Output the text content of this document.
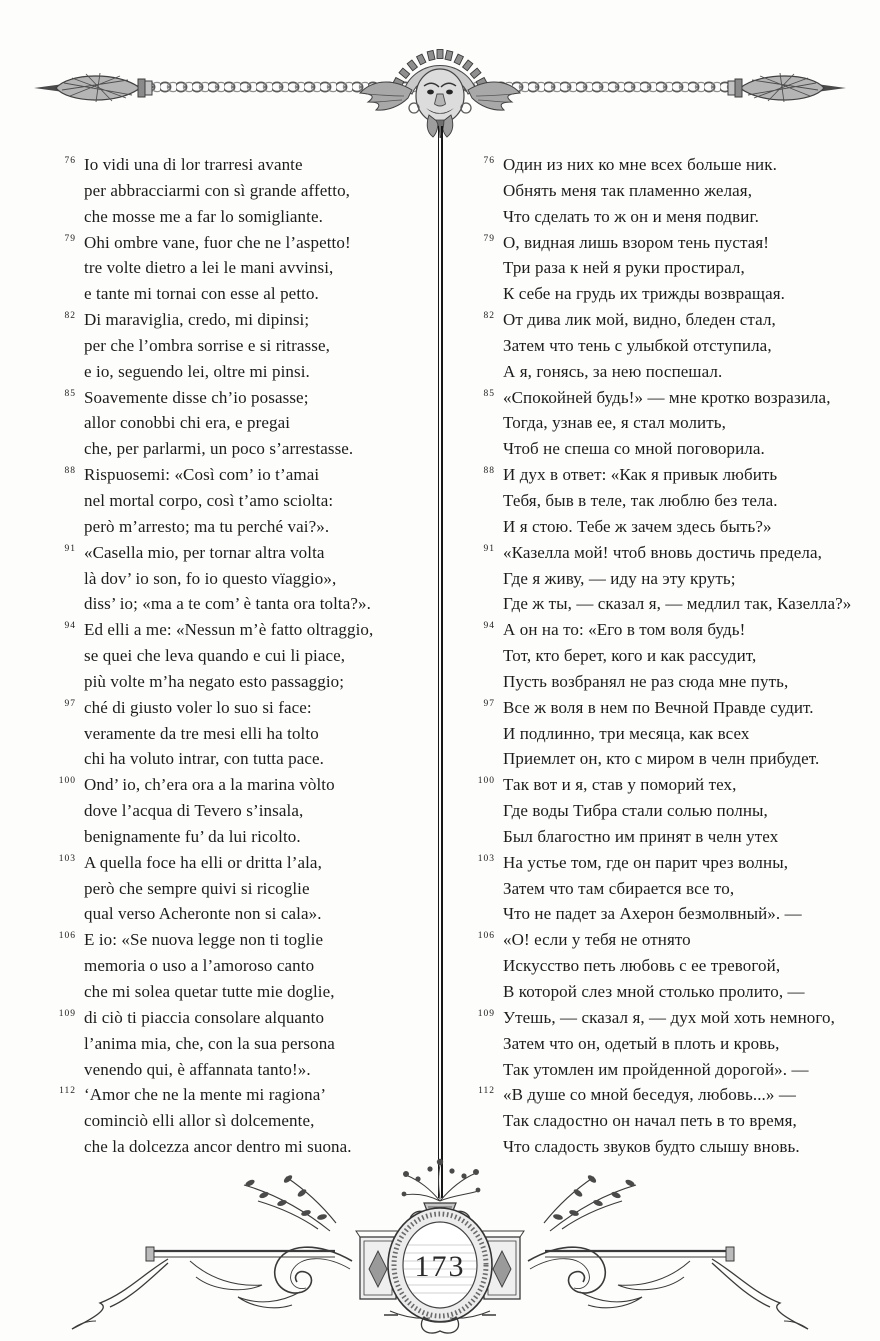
76 Io vidi una di lor trarresi avante
per abbracciarmi con sì grande affetto,
che mosse me a far lo somigliante.
79 Ohi ombre vane, fuor che ne l’aspetto!
tre volte dietro a lei le mani avvinsi,
e tante mi tornai con esse al petto.
82 Di maraviglia, credo, mi dipinsi;
per che l’ombra sorrise e si ritrasse,
e io, seguendo lei, oltre mi pinsi.
85 Soavemente disse ch’io posasse;
allor conobbi chi era, e pregai
che, per parlarmi, un poco s’arrestasse.
88 Rispuosemi: «Così com’ io t’amai
nel mortal corpo, così t’amo sciolta:
però m’arresto; ma tu perché vai?».
91 «Casella mio, per tornar altra volta
là dov’ io son, fo io questo vïaggio»,
diss’ io; «ma a te com’ è tanta ora tolta?».
94 Ed elli a me: «Nessun m’è fatto oltraggio,
se quei che leva quando e cui li piace,
più volte m’ha negato esto passaggio;
97 ché di giusto voler lo suo si face:
veramente da tre mesi elli ha tolto
chi ha voluto intrar, con tutta pace.
100 Ond’ io, ch’era ora a la marina vòlto
dove l’acqua di Tevero s’insala,
benignamente fu’ da lui ricolto.
103 A quella foce ha elli or dritta l’ala,
però che sempre quivi si ricoglie
qual verso Acheronte non si cala».
106 E io: «Se nuova legge non ti toglie
memoria o uso a l’amoroso canto
che mi solea quetar tutte mie doglie,
109 di ciò ti piaccia consolare alquanto
l’anima mia, che, con la sua persona
venendo qui, è affannata tanto!».
112 ‘Amor che ne la mente mi ragiona’
cominciò elli allor sì dolcemente,
che la dolcezza ancor dentro mi suona.
76 Один из них ко мне всех больше ник.
Обнять меня так пламенно желая,
Что сделать то ж он и меня подвиг.
79 О, видная лишь взором тень пустая!
Три раза к ней я руки простирал,
К себе на грудь их трижды возвращая.
82 От дива лик мой, видно, бледен стал,
Затем что тень с улыбкой отступила,
А я, гонясь, за нею поспешал.
85 «Спокойней будь!» — мне кротко возразила,
Тогда, узнав ее, я стал молить,
Чтоб не спеша со мной поговорила.
88 И дух в ответ: «Как я привык любить
Тебя, быв в теле, так люблю без тела.
И я стою. Тебе ж зачем здесь быть?»
91 «Казелла мой! чтоб вновь достичь предела,
Где я живу, — иду на эту круть;
Где ж ты, — сказал я, — медлил так, Казелла?»
94 А он на то: «Его в том воля будь!
Тот, кто берет, кого и как рассудит,
Пусть возбранял не раз сюда мне путь,
97 Все ж воля в нем по Вечной Правде судит.
И подлинно, три месяца, как всех
Приемлет он, кто с миром в челн прибудет.
100 Так вот и я, став у поморий тех,
Где воды Тибра стали солью полны,
Был благостно им принят в челн утех
103 На устье том, где он парит чрез волны,
Затем что там сбирается все то,
Что не падет за Ахерон безмолвный». —
106 «О! если у тебя не отнято
Искусство петь любовь с ее тревогой,
В которой слез мной столько пролито, —
109 Утешь, — сказал я, — дух мой хоть немного,
Затем что он, одетый в плоть и кровь,
Так утомлен им пройденной дорогой». —
112 «В душе со мной беседуя, любовь...» —
Так сладостно он начал петь в то время,
Что сладость звуков будто слышу вновь.
173
